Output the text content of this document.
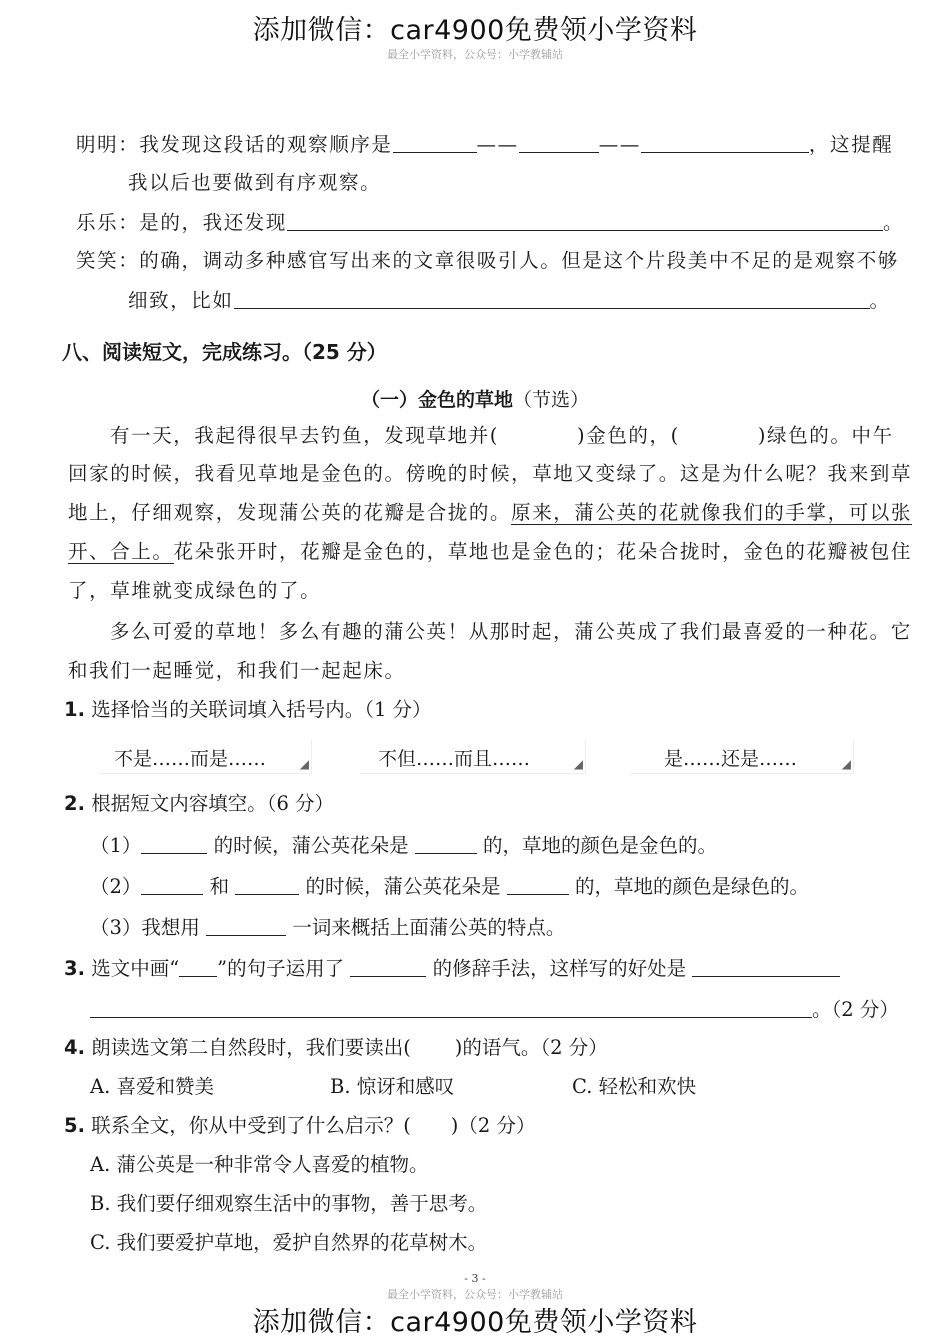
添加微信：car4900免费领小学资料
最全小学资料，公众号：小学教辅站
明明：我发现这段话的观察顺序是	——	——	，这提醒
我以后也要做到有序观察。
乐乐：是的，我还发现	。
笑笑：的确，调动多种感官写出来的文章很吸引人。但是这个片段美中不足的是观察不够
细致，比如	。
八、阅读短文，完成练习。（25 分）
（一）金色的草地（节选）
有一天，我起得很早去钓鱼，发现草地并(	)金色的，(	)绿色的。中午
回家的时候，我看见草地是金色的。傍晚的时候，草地又变绿了。这是为什么呢？我来到草
地上，仔细观察，发现蒲公英的花瓣是合拢的。原来，蒲公英的花就像我们的手掌，可以张
开、合上。花朵张开时，花瓣是金色的，草地也是金色的；花朵合拢时，金色的花瓣被包住
了，草堆就变成绿色的了。
多么可爱的草地！多么有趣的蒲公英！从那时起，蒲公英成了我们最喜爱的一种花。它
和我们一起睡觉，和我们一起起床。
1. 选择恰当的关联词填入括号内。（1 分）
不是……而是……	◢	不但……而且……	◢	是……还是……	◢
2. 根据短文内容填空。（6 分）
（1）	的时候，蒲公英花朵是	的，草地的颜色是金色的。
（2）	和	的时候，蒲公英花朵是	的，草地的颜色是绿色的。
（3）我想用	一词来概括上面蒲公英的特点。
3. 选文中画“ ”的句子运用了	的修辞手法，这样写的好处是
。（2 分）
4. 朗读选文第二自然段时，我们要读出( )的语气。（2 分）
A. 喜爱和赞美	B. 惊讶和感叹	C. 轻松和欢快
5. 联系全文，你从中受到了什么启示？( )（2 分）
A. 蒲公英是一种非常令人喜爱的植物。
B. 我们要仔细观察生活中的事物，善于思考。
C. 我们要爱护草地，爱护自然界的花草树木。
- 3 -
最全小学资料，公众号：小学教辅站
添加微信：car4900免费领小学资料
